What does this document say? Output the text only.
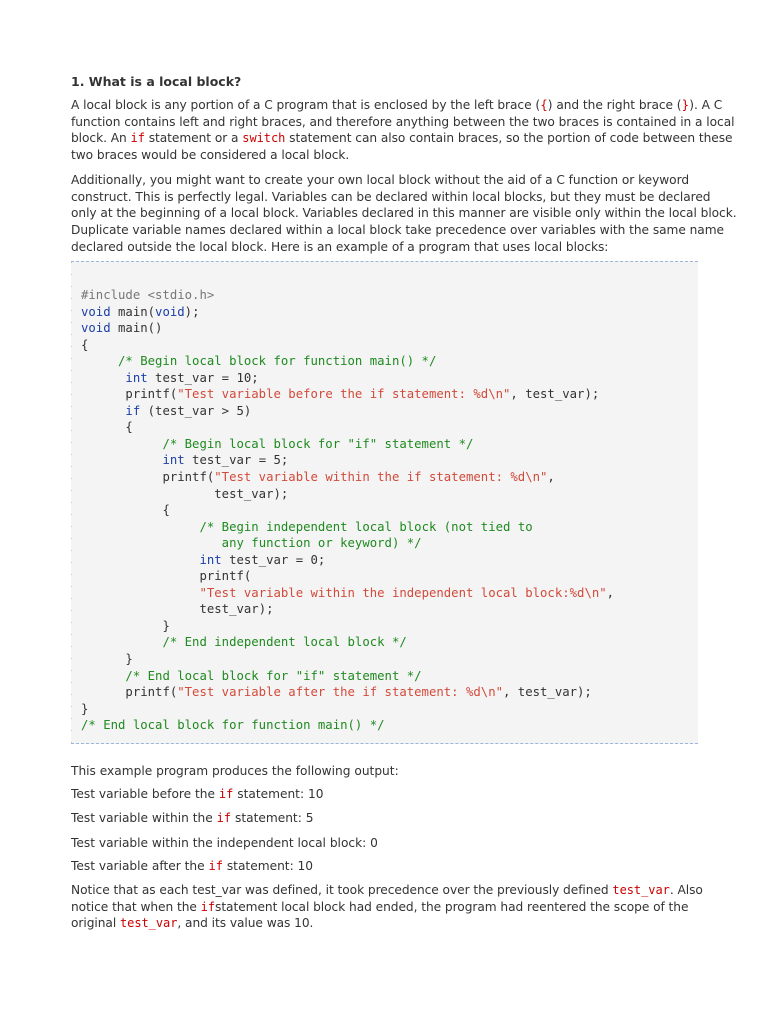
1. What is a local block?
A local block is any portion of a C program that is enclosed by the left brace ({) and the right brace (}). A C
function contains left and right braces, and therefore anything between the two braces is contained in a local
block. An if statement or a switch statement can also contain braces, so the portion of code between these
two braces would be considered a local block.
Additionally, you might want to create your own local block without the aid of a C function or keyword
construct. This is perfectly legal. Variables can be declared within local blocks, but they must be declared
only at the beginning of a local block. Variables declared in this manner are visible only within the local block.
Duplicate variable names declared within a local block take precedence over variables with the same name
declared outside the local block. Here is an example of a program that uses local blocks:
#include <stdio.h>
void main(void);
void main()
{
/* Begin local block for function main() */
int test_var = 10;
printf("Test variable before the if statement: %d\n", test_var);
if (test_var > 5)
{
/* Begin local block for "if" statement */
int test_var = 5;
printf("Test variable within the if statement: %d\n",
test_var);
{
/* Begin independent local block (not tied to
any function or keyword) */
int test_var = 0;
printf(
"Test variable within the independent local block:%d\n",
test_var);
}
/* End independent local block */
}
/* End local block for "if" statement */
printf("Test variable after the if statement: %d\n", test_var);
}
/* End local block for function main() */
This example program produces the following output:
Test variable before the if statement: 10
Test variable within the if statement: 5
Test variable within the independent local block: 0
Test variable after the if statement: 10
Notice that as each test_var was defined, it took precedence over the previously defined test_var. Also
notice that when the ifstatement local block had ended, the program had reentered the scope of the
original test_var, and its value was 10.
